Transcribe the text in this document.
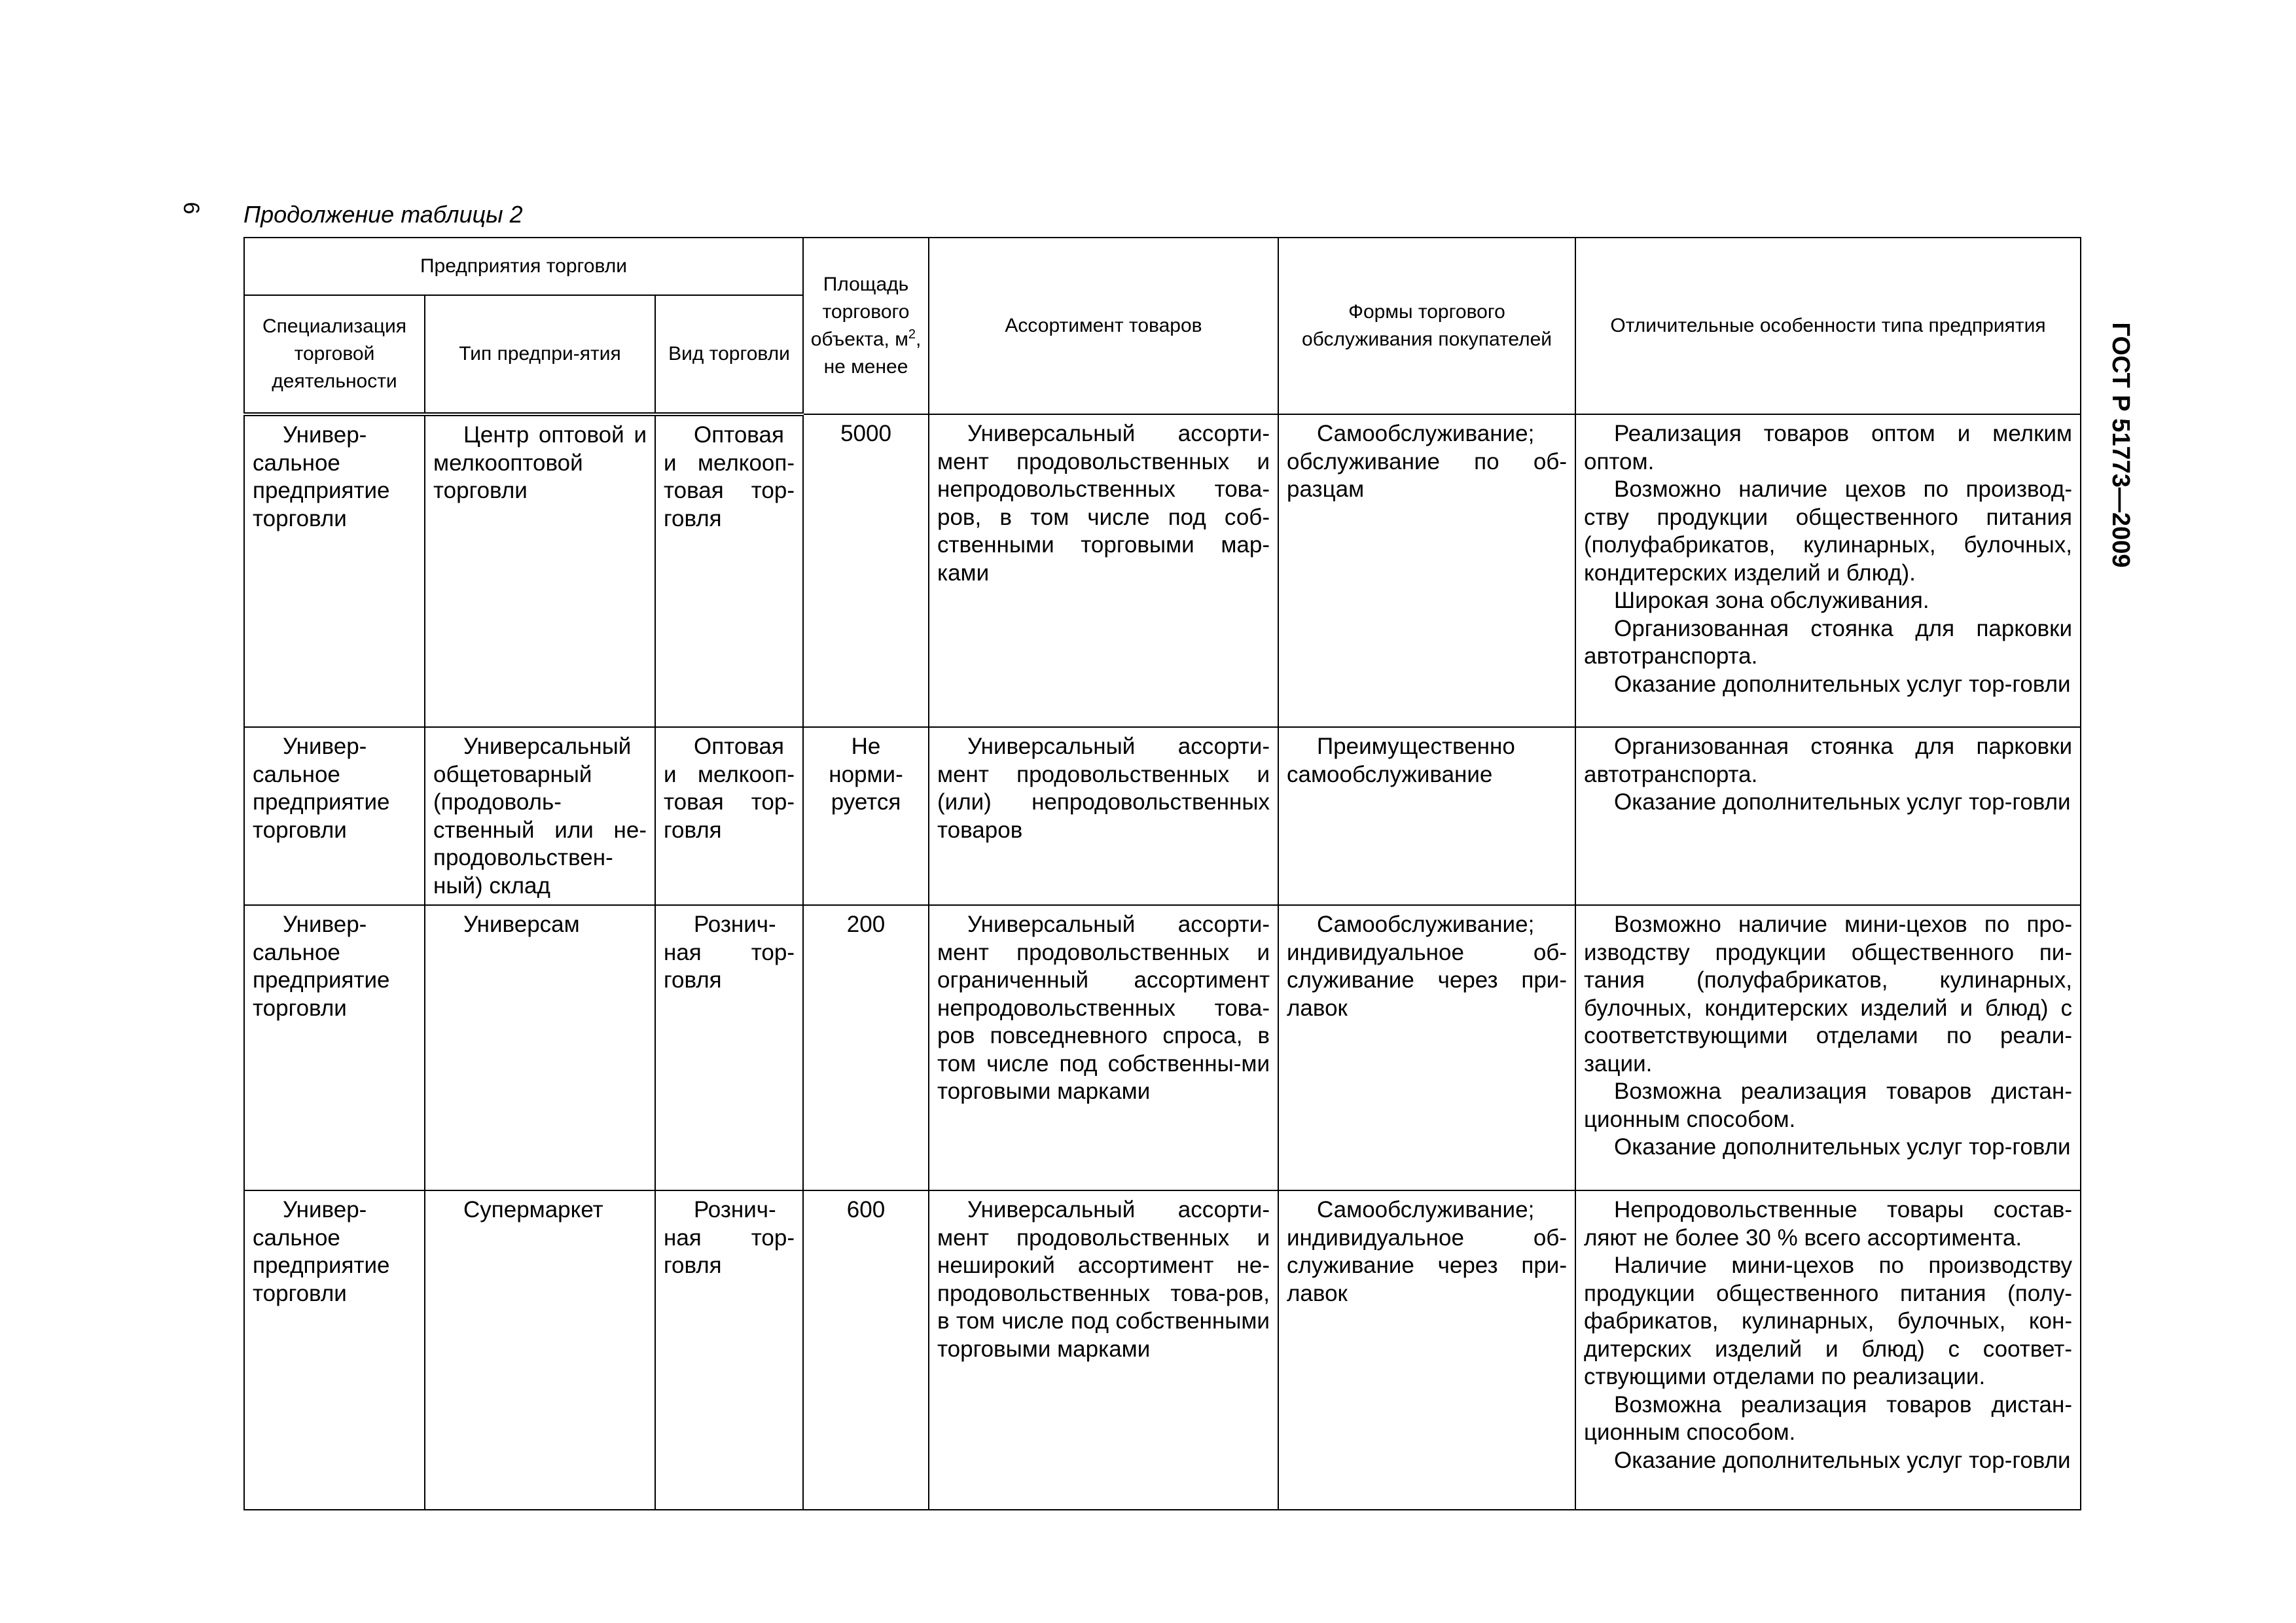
6
ГОСТ Р 51773—2009
Продолжение таблицы 2
Предприятия торговли			Площадь торгового объекта, $м^2$, не менее	Ассортимент товаров	Формы торгового обслуживания покупателей	Отличительные особенности типа предприятия
Специализация торговой деятельности	Тип предпри-ятия	Вид торговли				

Универ-сальное предприятие торговли	Центр оптовой и мелкооптовой торговли	Оптовая и мелкооп-товая тор-говля	5000	Универсальный ассорти-мент продовольственных и непродовольственных това-ров, в том числе под соб-ственными торговыми мар-ками	Самообслуживание; обслуживание по об-разцам	Реализация товаров оптом и мелким оптом.

Возможно наличие цехов по производ-ству продукции общественного питания (полуфабрикатов, кулинарных, булочных, кондитерских изделий и блюд).

Широкая зона обслуживания.

Организованная стоянка для парковки автотранспорта.

Оказание дополнительных услуг тор-говли

Универ-сальное предприятие торговли	Универсальный общетоварный (продоволь-ственный или не-продовольствен-ный) склад	Оптовая и мелкооп-товая тор-говля	Не норми-руется	Универсальный ассорти-мент продовольственных и (или) непродовольственных товаров	Преимущественно самообслуживание	Организованная стоянка для парковки автотранспорта.

Оказание дополнительных услуг тор-говли

Универ-сальное предприятие торговли	Универсам	Рознич-ная тор-говля	200	Универсальный ассорти-мент продовольственных и ограниченный ассортимент непродовольственных това-ров повседневного спроса, в том числе под собственны-ми торговыми марками	Самообслуживание; индивидуальное об-служивание через при-лавок	Возможно наличие мини-цехов по про-изводству продукции общественного пи-тания (полуфабрикатов, кулинарных, булочных, кондитерских изделий и блюд) с соответствующими отделами по реали-зации.

Возможна реализация товаров дистан-ционным способом.

Оказание дополнительных услуг тор-говли

Универ-сальное предприятие торговли	Супермаркет	Рознич-ная тор-говля	600	Универсальный ассорти-мент продовольственных и неширокий ассортимент не-продовольственных това-ров, в том числе под собственными торговыми марками	Самообслуживание; индивидуальное об-служивание через при-лавок	Непродовольственные товары состав-ляют не более 30 % всего ассортимента.

Наличие мини-цехов по производству продукции общественного питания (полу-фабрикатов, кулинарных, булочных, кон-дитерских изделий и блюд) с соответ-ствующими отделами по реализации.

Возможна реализация товаров дистан-ционным способом.

Оказание дополнительных услуг тор-говли
